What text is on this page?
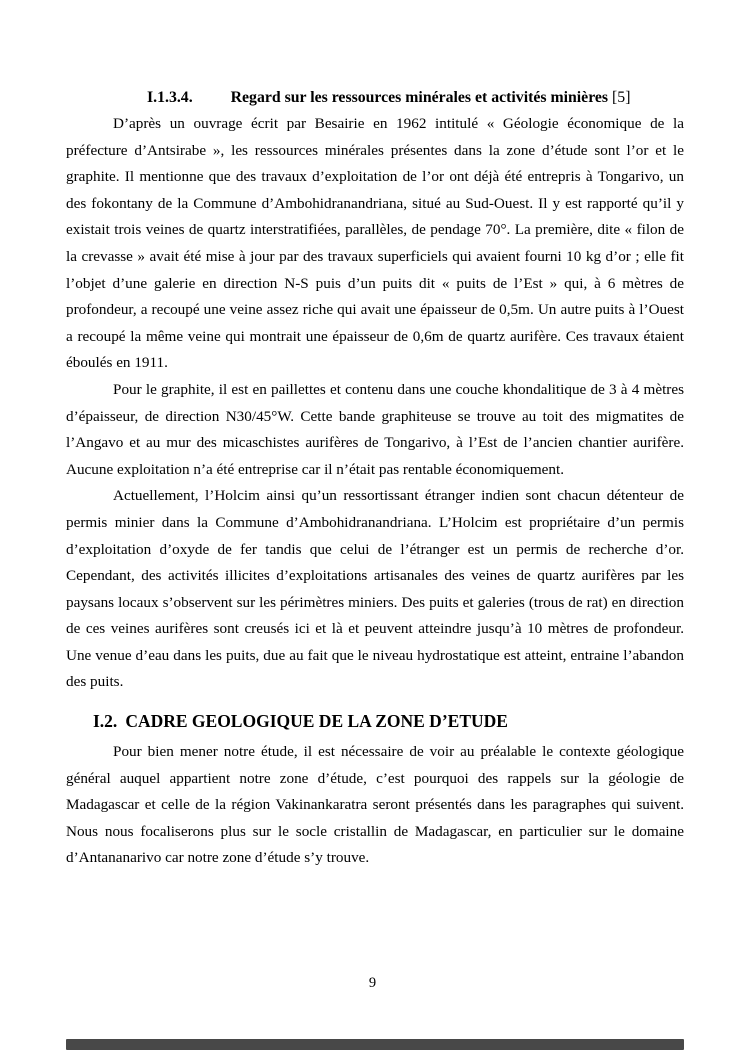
I.1.3.4. Regard sur les ressources minérales et activités minières [5]

D’après un ouvrage écrit par Besairie en 1962 intitulé « Géologie économique de la préfecture d’Antsirabe », les ressources minérales présentes dans la zone d’étude sont l’or et le graphite. Il mentionne que des travaux d’exploitation de l’or ont déjà été entrepris à Tongarivo, un des fokontany de la Commune d’Ambohidranandriana, situé au Sud-Ouest. Il y est rapporté qu’il y existait trois veines de quartz interstratifiées, parallèles, de pendage 70°. La première, dite « filon de la crevasse » avait été mise à jour par des travaux superficiels qui avaient fourni 10 kg d’or ; elle fit l’objet d’une galerie en direction N-S puis d’un puits dit « puits de l’Est » qui, à 6 mètres de profondeur, a recoupé une veine assez riche qui avait une épaisseur de 0,5m. Un autre puits à l’Ouest a recoupé la même veine qui montrait une épaisseur de 0,6m de quartz aurifère. Ces travaux étaient éboulés en 1911.

Pour le graphite, il est en paillettes et contenu dans une couche khondalitique de 3 à 4 mètres d’épaisseur, de direction N30/45°W. Cette bande graphiteuse se trouve au toit des migmatites de l’Angavo et au mur des micaschistes aurifères de Tongarivo, à l’Est de l’ancien chantier aurifère. Aucune exploitation n’a été entreprise car il n’était pas rentable économiquement.

Actuellement, l’Holcim ainsi qu’un ressortissant étranger indien sont chacun détenteur de permis minier dans la Commune d’Ambohidranandriana. L’Holcim est propriétaire d’un permis d’exploitation d’oxyde de fer tandis que celui de l’étranger est un permis de recherche d’or. Cependant, des activités illicites d’exploitations artisanales des veines de quartz aurifères par les paysans locaux s’observent sur les périmètres miniers. Des puits et galeries (trous de rat) en direction de ces veines aurifères sont creusés ici et là et peuvent atteindre jusqu’à 10 mètres de profondeur. Une venue d’eau dans les puits, due au fait que le niveau hydrostatique est atteint, entraine l’abandon des puits.

I.2. CADRE GEOLOGIQUE DE LA ZONE D’ETUDE

Pour bien mener notre étude, il est nécessaire de voir au préalable le contexte géologique général auquel appartient notre zone d’étude, c’est pourquoi des rappels sur la géologie de Madagascar et celle de la région Vakinankaratra seront présentés dans les paragraphes qui suivent. Nous nous focaliserons plus sur le socle cristallin de Madagascar, en particulier sur le domaine d’Antananarivo car notre zone d’étude s’y trouve.

9
